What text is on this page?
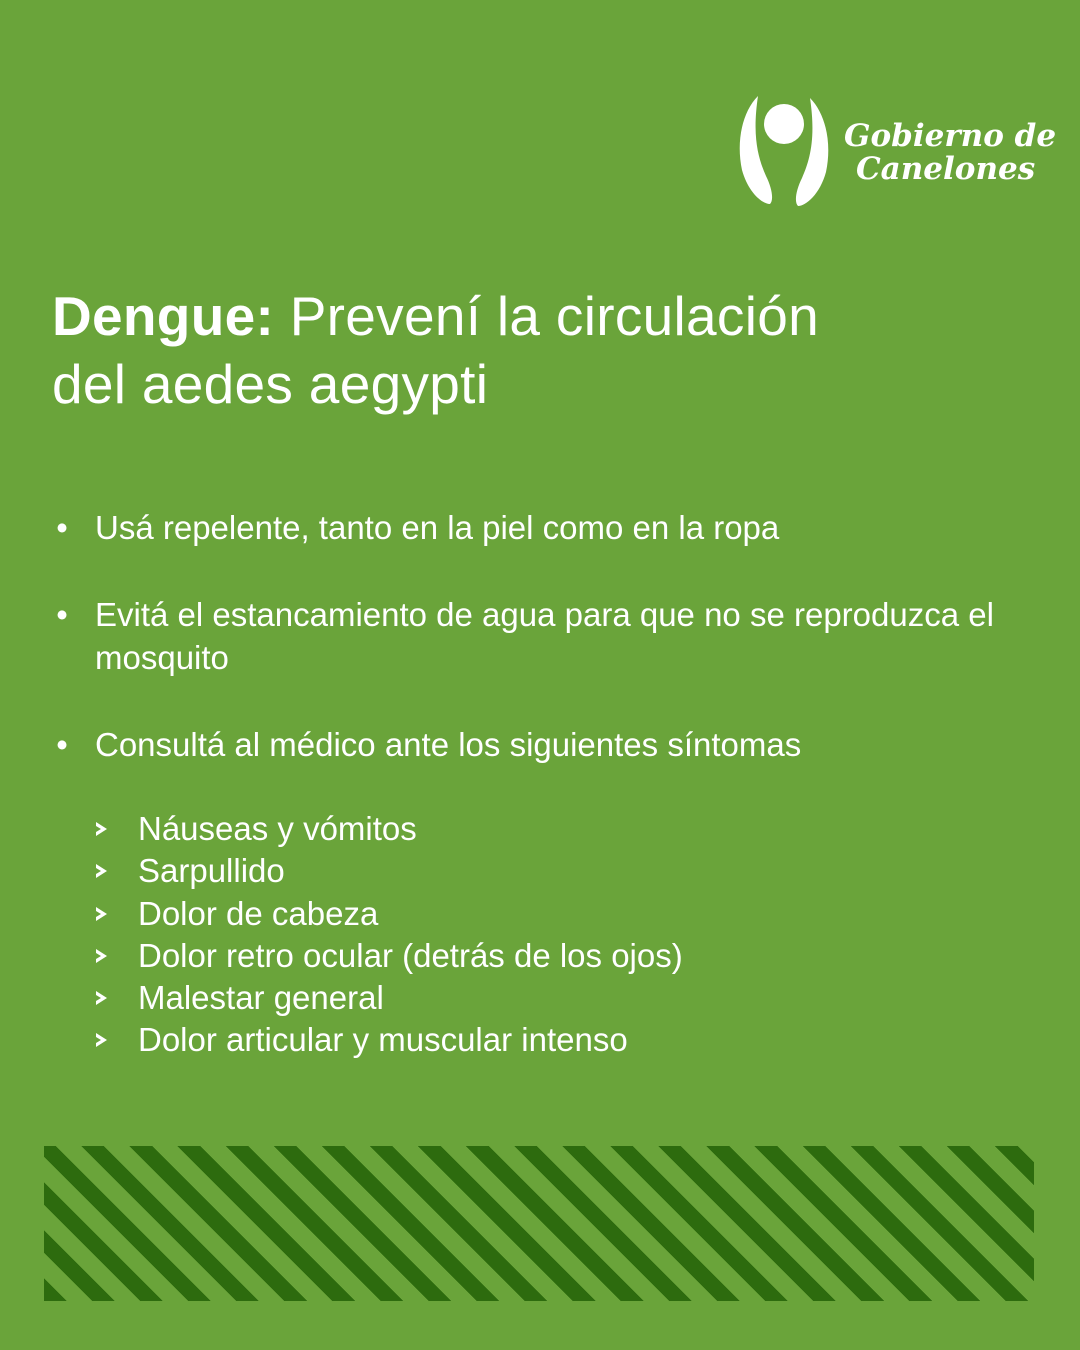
Gobierno de
Canelones
Dengue: Prevení la circulación
del aedes aegypti
• Usá repelente, tanto en la piel como en la ropa
• Evitá el estancamiento de agua para que no se reproduzca el mosquito
• Consultá al médico ante los siguientes síntomas
Náuseas y vómitos
Sarpullido
Dolor de cabeza
Dolor retro ocular (detrás de los ojos)
Malestar general
Dolor articular y muscular intenso
